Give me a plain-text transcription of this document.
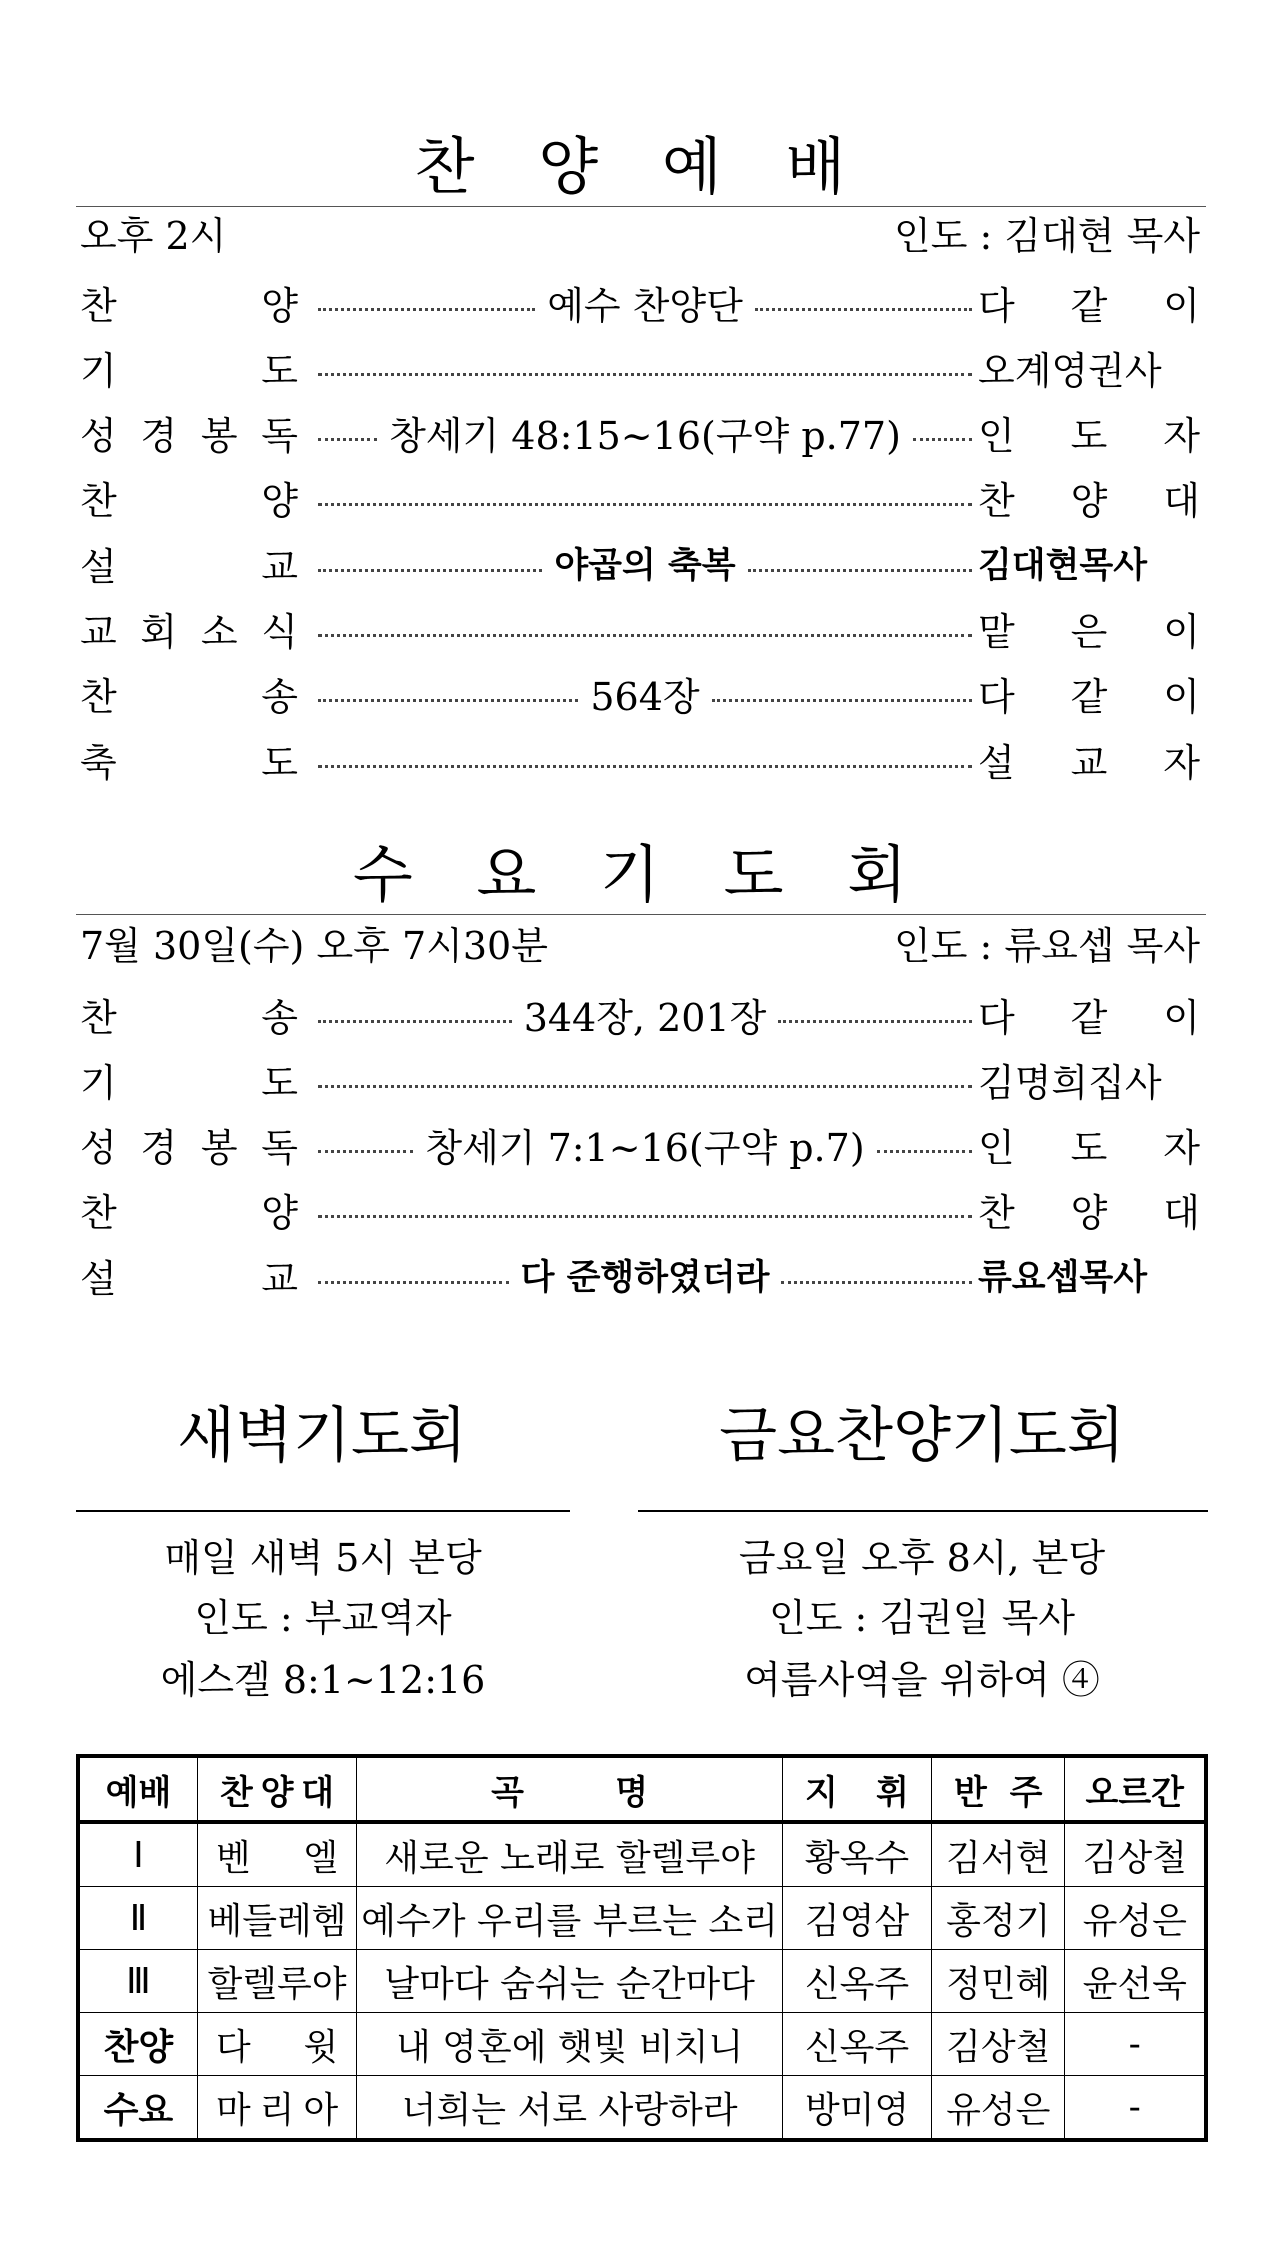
찬 양 예 배
오후 2시	인도 : 김대현 목사
찬	양	예수 찬양단	다 같 이
기	도	오계영권사
성 경 봉 독	창세기 48:15~16(구약 p.77)	인 도 자
찬	양	찬 양 대
설	교	야곱의 축복	김대현목사
교 회 소 식	맡 은 이
찬	송	564장	다 같 이
축	도	설 교 자
수 요 기 도 회
7월 30일(수) 오후 7시30분	인도 : 류요셉 목사
찬	송	344장, 201장	다 같 이
기	도	김명희집사
성 경 봉 독	창세기 7:1~16(구약 p.7)	인 도 자
찬	양	찬 양 대
설	교	다 준행하였더라	류요셉목사
새벽기도회
매일 새벽 5시 본당
인도 : 부교역자
에스겔 8:1~12:16
금요찬양기도회
금요일 오후 8시, 본당
인도 : 김권일 목사
여름사역을 위하여 ④
예배	찬 양 대	곡 명	지 휘	반 주	오르간

Ⅰ	벤 엘	새로운 노래로 할렐루야	황옥수	김서현	김상철
Ⅱ	베들레헴	예수가 우리를 부르는 소리	김영삼	홍정기	유성은
Ⅲ	할렐루야	날마다 숨쉬는 순간마다	신옥주	정민혜	윤선욱
찬양	다 윗	내 영혼에 햇빛 비치니	신옥주	김상철	-
수요	마 리 아	너희는 서로 사랑하라	방미영	유성은	-
